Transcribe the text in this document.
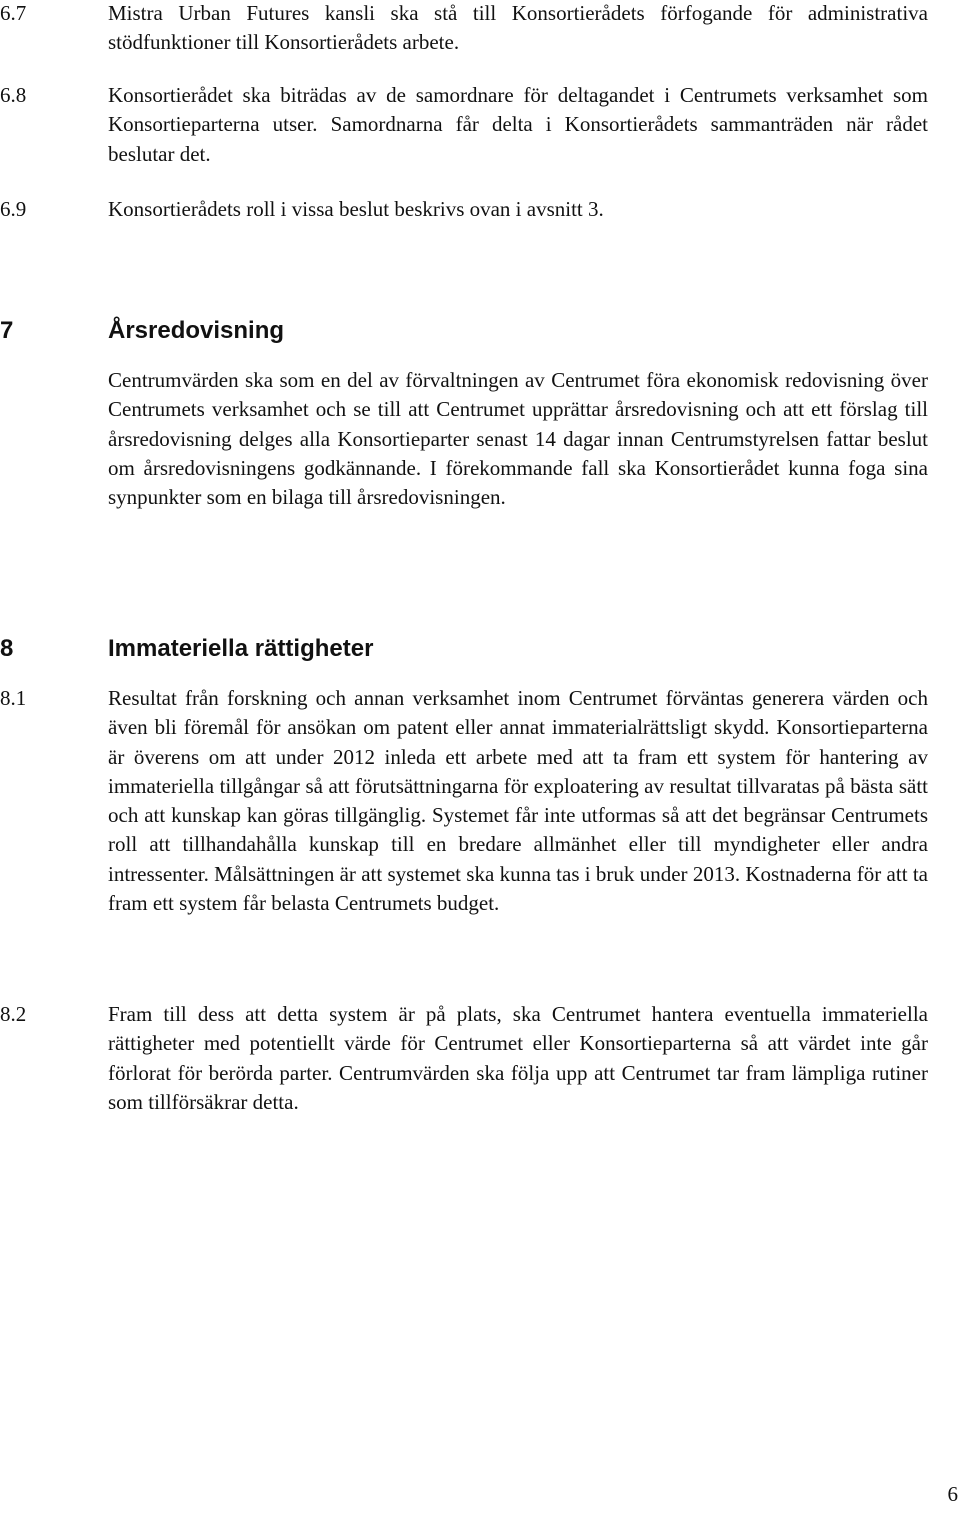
6.7	Mistra Urban Futures kansli ska stå till Konsortierådets förfogande för administrativa stödfunktioner till Konsortierådets arbete.
6.8	Konsortierådet ska biträdas av de samordnare för deltagandet i Centrumets verksamhet som Konsortieparterna utser. Samordnarna får delta i Konsortierådets sammanträden när rådet beslutar det.
6.9	Konsortierådets roll i vissa beslut beskrivs ovan i avsnitt 3.
7	Årsredovisning
Centrumvärden ska som en del av förvaltningen av Centrumet föra ekonomisk redovisning över Centrumets verksamhet och se till att Centrumet upprättar årsredovisning och att ett förslag till årsredovisning delges alla Konsortieparter senast 14 dagar innan Centrumstyrelsen fattar beslut om årsredovisningens godkännande. I förekommande fall ska Konsortierådet kunna foga sina synpunkter som en bilaga till årsredovisningen.
8	Immateriella rättigheter
8.1	Resultat från forskning och annan verksamhet inom Centrumet förväntas generera värden och även bli föremål för ansökan om patent eller annat immaterialrättsligt skydd. Konsortieparterna är överens om att under 2012 inleda ett arbete med att ta fram ett system för hantering av immateriella tillgångar så att förutsättningarna för exploatering av resultat tillvaratas på bästa sätt och att kunskap kan göras tillgänglig. Systemet får inte utformas så att det begränsar Centrumets roll att tillhandahålla kunskap till en bredare allmänhet eller till myndigheter eller andra intressenter. Målsättningen är att systemet ska kunna tas i bruk under 2013. Kostnaderna för att ta fram ett system får belasta Centrumets budget.
8.2	Fram till dess att detta system är på plats, ska Centrumet hantera eventuella immateriella rättigheter med potentiellt värde för Centrumet eller Konsortieparterna så att värdet inte går förlorat för berörda parter. Centrumvärden ska följa upp att Centrumet tar fram lämpliga rutiner som tillförsäkrar detta.
6
